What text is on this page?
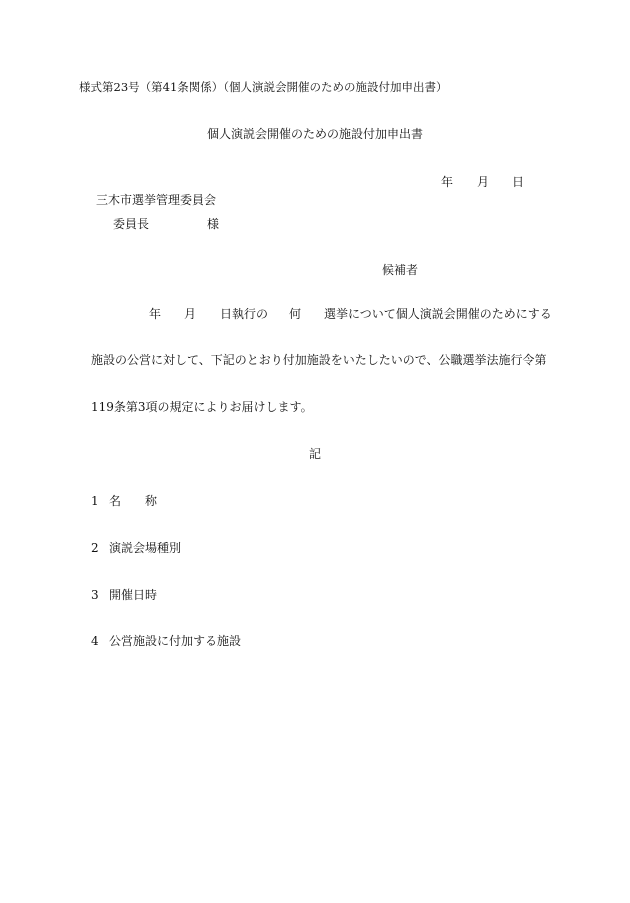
様式第23号（第41条関係）（個人演説会開催のための施設付加申出書）
個人演説会開催のための施設付加申出書
年 月 日
三木市選挙管理委員会
委員長	様
候補者
年 月 日執行の 何 選挙について個人演説会開催のためにする
施設の公営に対して、下記のとおり付加施設をいたしたいので、公職選挙法施行令第
119条第3項の規定によりお届けします。
記
1 名　　称
2 演説会場種別
3 開催日時
4 公営施設に付加する施設
